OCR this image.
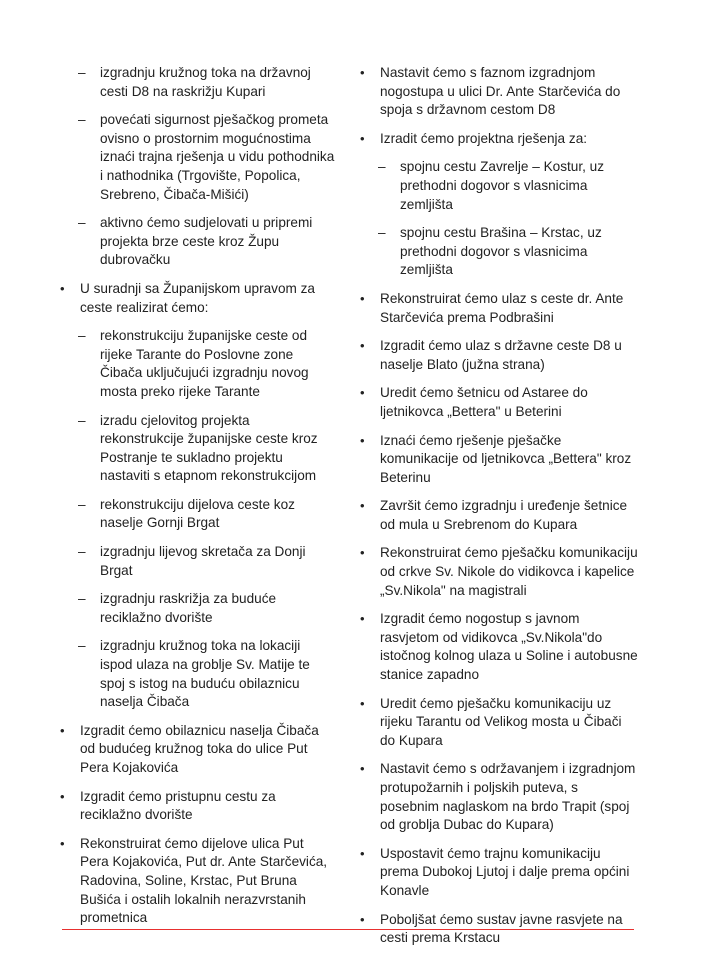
– izgradnju kružnog toka na državnoj cesti D8 na raskrižju Kupari
– povećati sigurnost pješačkog prometa ovisno o prostornim mogućnostima iznaći trajna rješenja u vidu pothodnika i nathodnika (Trgovište, Popolica, Srebreno, Čibača-Mišići)
– aktivno ćemo sudjelovati u pripremi projekta brze ceste kroz Župu dubrovačku
• U suradnji sa Županijskom upravom za ceste realizirat ćemo:
– rekonstrukciju županijske ceste od rijeke Tarante do Poslovne zone Čibača uključujući izgradnju novog mosta preko rijeke Tarante
– izradu cjelovitog projekta rekonstrukcije županijske ceste kroz Postranje te sukladno projektu nastaviti s etapnom rekonstrukcijom
– rekonstrukciju dijelova ceste koz naselje Gornji Brgat
– izgradnju lijevog skretača za Donji Brgat
– izgradnju raskrižja za buduće reciklažno dvorište
– izgradnju kružnog toka na lokaciji ispod ulaza na groblje Sv. Matije te spoj s istog na buduću obilaznicu naselja Čibača
• Izgradit ćemo obilaznicu naselja Čibača od budućeg kružnog toka do ulice Put Pera Kojakovića
• Izgradit ćemo pristupnu cestu za reciklažno dvorište
• Rekonstruirat ćemo dijelove ulica Put Pera Kojakovića, Put dr. Ante Starčevića, Radovina, Soline, Krstac, Put Bruna Bušića i ostalih lokalnih nerazvrstanih prometnica
• Nastavit ćemo s faznom izgradnjom nogostupa u ulici Dr. Ante Starčevića do spoja s državnom cestom D8
• Izradit ćemo projektna rješenja za:
– spojnu cestu Zavrelje – Kostur, uz prethodni dogovor s vlasnicima zemljišta
– spojnu cestu Brašina – Krstac, uz prethodni dogovor s vlasnicima zemljišta
• Rekonstruirat ćemo ulaz s ceste dr. Ante Starčevića prema Podbrašini
• Izgradit ćemo ulaz s državne ceste D8 u naselje Blato (južna strana)
• Uredit ćemo šetnicu od Astaree do ljetnikovca „Bettera" u Beterini
• Iznaći ćemo rješenje pješačke komunikacije od ljetnikovca „Bettera" kroz Beterinu
• Završit ćemo izgradnju i uređenje šetnice od mula u Srebrenom do Kupara
• Rekonstruirat ćemo pješačku komunikaciju od crkve Sv. Nikole do vidikovca i kapelice „Sv.Nikola" na magistrali
• Izgradit ćemo nogostup s javnom rasvjetom od vidikovca „Sv.Nikola"do istočnog kolnog ulaza u Soline i autobusne stanice zapadno
• Uredit ćemo pješačku komunikaciju uz rijeku Tarantu od Velikog mosta u Čibači do Kupara
• Nastavit ćemo s održavanjem i izgradnjom protupožarnih i poljskih puteva, s posebnim naglaskom na brdo Trapit (spoj od groblja Dubac do Kupara)
• Uspostavit ćemo trajnu komunikaciju prema Dubokoj Ljutoj i dalje prema općini Konavle
• Poboljšat ćemo sustav javne rasvjete na cesti prema Krstacu
